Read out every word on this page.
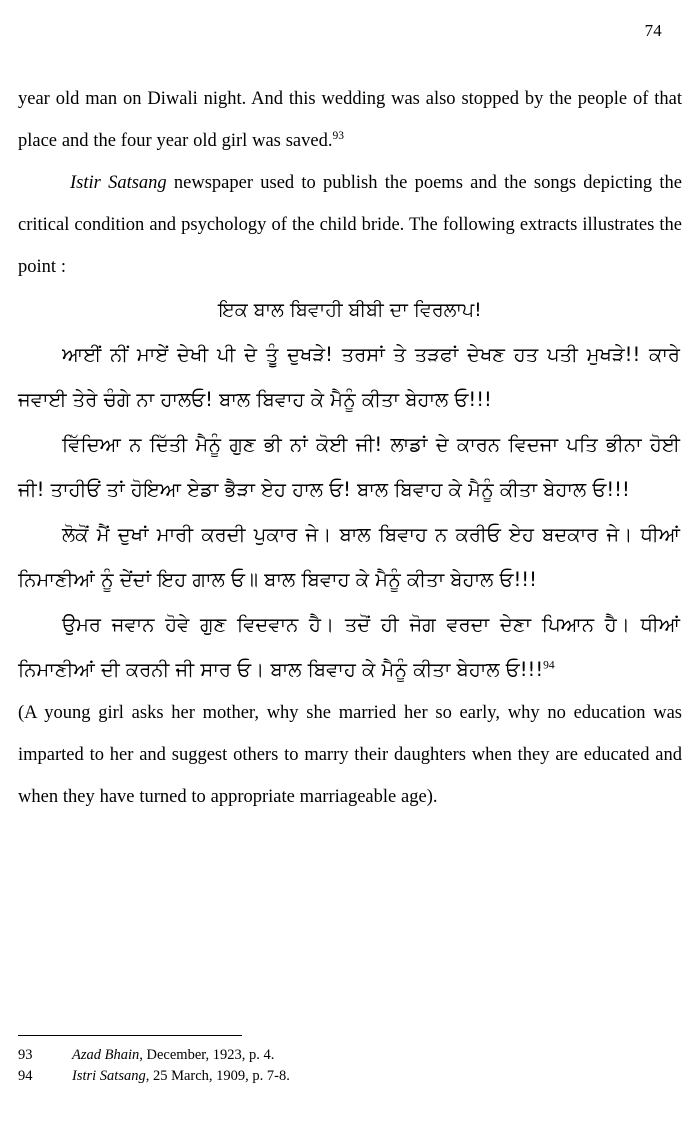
74

year old man on Diwali night. And this wedding was also stopped by the people of that place and the four year old girl was saved.$^{93}$

Istir Satsang newspaper used to publish the poems and the songs depicting the critical condition and psychology of the child bride. The following extracts illustrates the point :

ਇਕ ਬਾਲ ਬਿਵਾਹੀ ਬੀਬੀ ਦਾ ਵਿਰਲਾਪ!

ਆਈਂ ਨੀਂ ਮਾਏਂ ਦੇਖੀ ਪੀ ਦੇ ਤੂੰ ਦੁਖੜੇ! ਤਰਸਾਂ ਤੇ ਤੜਫਾਂ ਦੇਖਣ ਹਤ ਪਤੀ ਮੁਖੜੇ!! ਕਾਰੇ ਜਵਾਈ ਤੇਰੇ ਚੰਗੇ ਨਾ ਹਾਲਓ! ਬਾਲ ਬਿਵਾਹ ਕੇ ਮੈਨੂੰ ਕੀਤਾ ਬੇਹਾਲ ਓ!!!

ਵਿੱਦਿਆ ਨ ਦਿੱਤੀ ਮੈਨੂੰ ਗੁਣ ਭੀ ਨਾਂ ਕੋਈ ਜੀ! ਲਾਡਾਂ ਦੇ ਕਾਰਨ ਵਿਦਜਾ ਪਤਿ ਭੀਨਾ ਹੋਈ ਜੀ! ਤਾਹੀਓਂ ਤਾਂ ਹੋਇਆ ਏਡਾ ਭੈੜਾ ਏਹ ਹਾਲ ਓ! ਬਾਲ ਬਿਵਾਹ ਕੇ ਮੈਨੂੰ ਕੀਤਾ ਬੇਹਾਲ ਓ!!!

ਲੋਕੋਂ ਮੈਂ ਦੁਖਾਂ ਮਾਰੀ ਕਰਦੀ ਪੁਕਾਰ ਜੇ। ਬਾਲ ਬਿਵਾਹ ਨ ਕਰੀਓ ਏਹ ਬਦਕਾਰ ਜੇ। ਧੀਆਂ ਨਿਮਾਣੀਆਂ ਨੂੰ ਦੇਂਦਾਂ ਇਹ ਗਾਲ ਓ॥ ਬਾਲ ਬਿਵਾਹ ਕੇ ਮੈਨੂੰ ਕੀਤਾ ਬੇਹਾਲ ਓ!!!

ਉਮਰ ਜਵਾਨ ਹੋਵੇ ਗੁਣ ਵਿਦਵਾਨ ਹੈ। ਤਦੋਂ ਹੀ ਜੋਗ ਵਰਦਾ ਦੇਣਾ ਪਿਆਨ ਹੈ। ਧੀਆਂ ਨਿਮਾਣੀਆਂ ਦੀ ਕਰਨੀ ਜੀ ਸਾਰ ਓ। ਬਾਲ ਬਿਵਾਹ ਕੇ ਮੈਨੂੰ ਕੀਤਾ ਬੇਹਾਲ ਓ!!!$^{94}$

(A young girl asks her mother, why she married her so early, why no education was imparted to her and suggest others to marry their daughters when they are educated and when they have turned to appropriate marriageable age).

93	Azad Bhain, December, 1923, p. 4.
94	Istri Satsang, 25 March, 1909, p. 7-8.
